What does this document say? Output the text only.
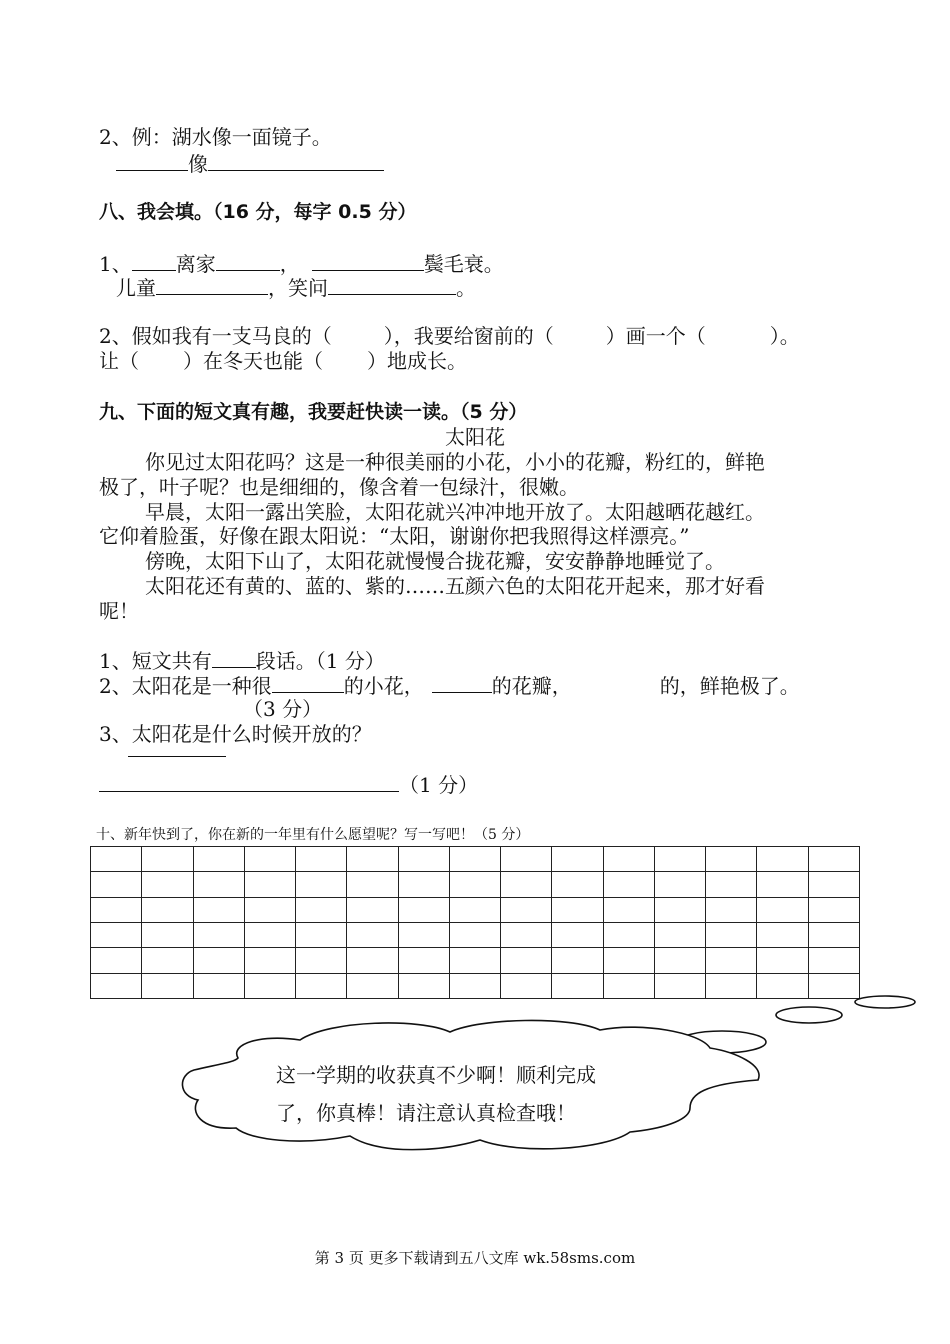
2、例：湖水像一面镜子。
像
八、我会填。（16 分，每字 0.5 分）
1、 离家	，	鬓毛衰。
儿童	，笑问	。
2、假如我有一支马良的（	），我要给窗前的（	）画一个（	）。
让（ ）在冬天也能（ ）地成长。
九、下面的短文真有趣，我要赶快读一读。（5 分）
太阳花
你见过太阳花吗？这是一种很美丽的小花，小小的花瓣，粉红的，鲜艳
极了，叶子呢？也是细细的，像含着一包绿汁，很嫩。
早晨，太阳一露出笑脸，太阳花就兴冲冲地开放了。太阳越晒花越红。
它仰着脸蛋，好像在跟太阳说：“太阳，谢谢你把我照得这样漂亮。”
傍晚，太阳下山了，太阳花就慢慢合拢花瓣，安安静静地睡觉了。
太阳花还有黄的、蓝的、紫的……五颜六色的太阳花开起来，那才好看
呢！
1、短文共有 段话。（1 分）
2、太阳花是一种很	的小花，	的花瓣，	的，鲜艳极了。
（3 分）
3、太阳花是什么时候开放的？
（1 分）
十、新年快到了，你在新的一年里有什么愿望呢？写一写吧！（5 分）

这一学期的收获真不少啊！顺利完成
了，你真棒！请注意认真检查哦！
第 3 页 更多下载请到五八文库 wk.58sms.com
